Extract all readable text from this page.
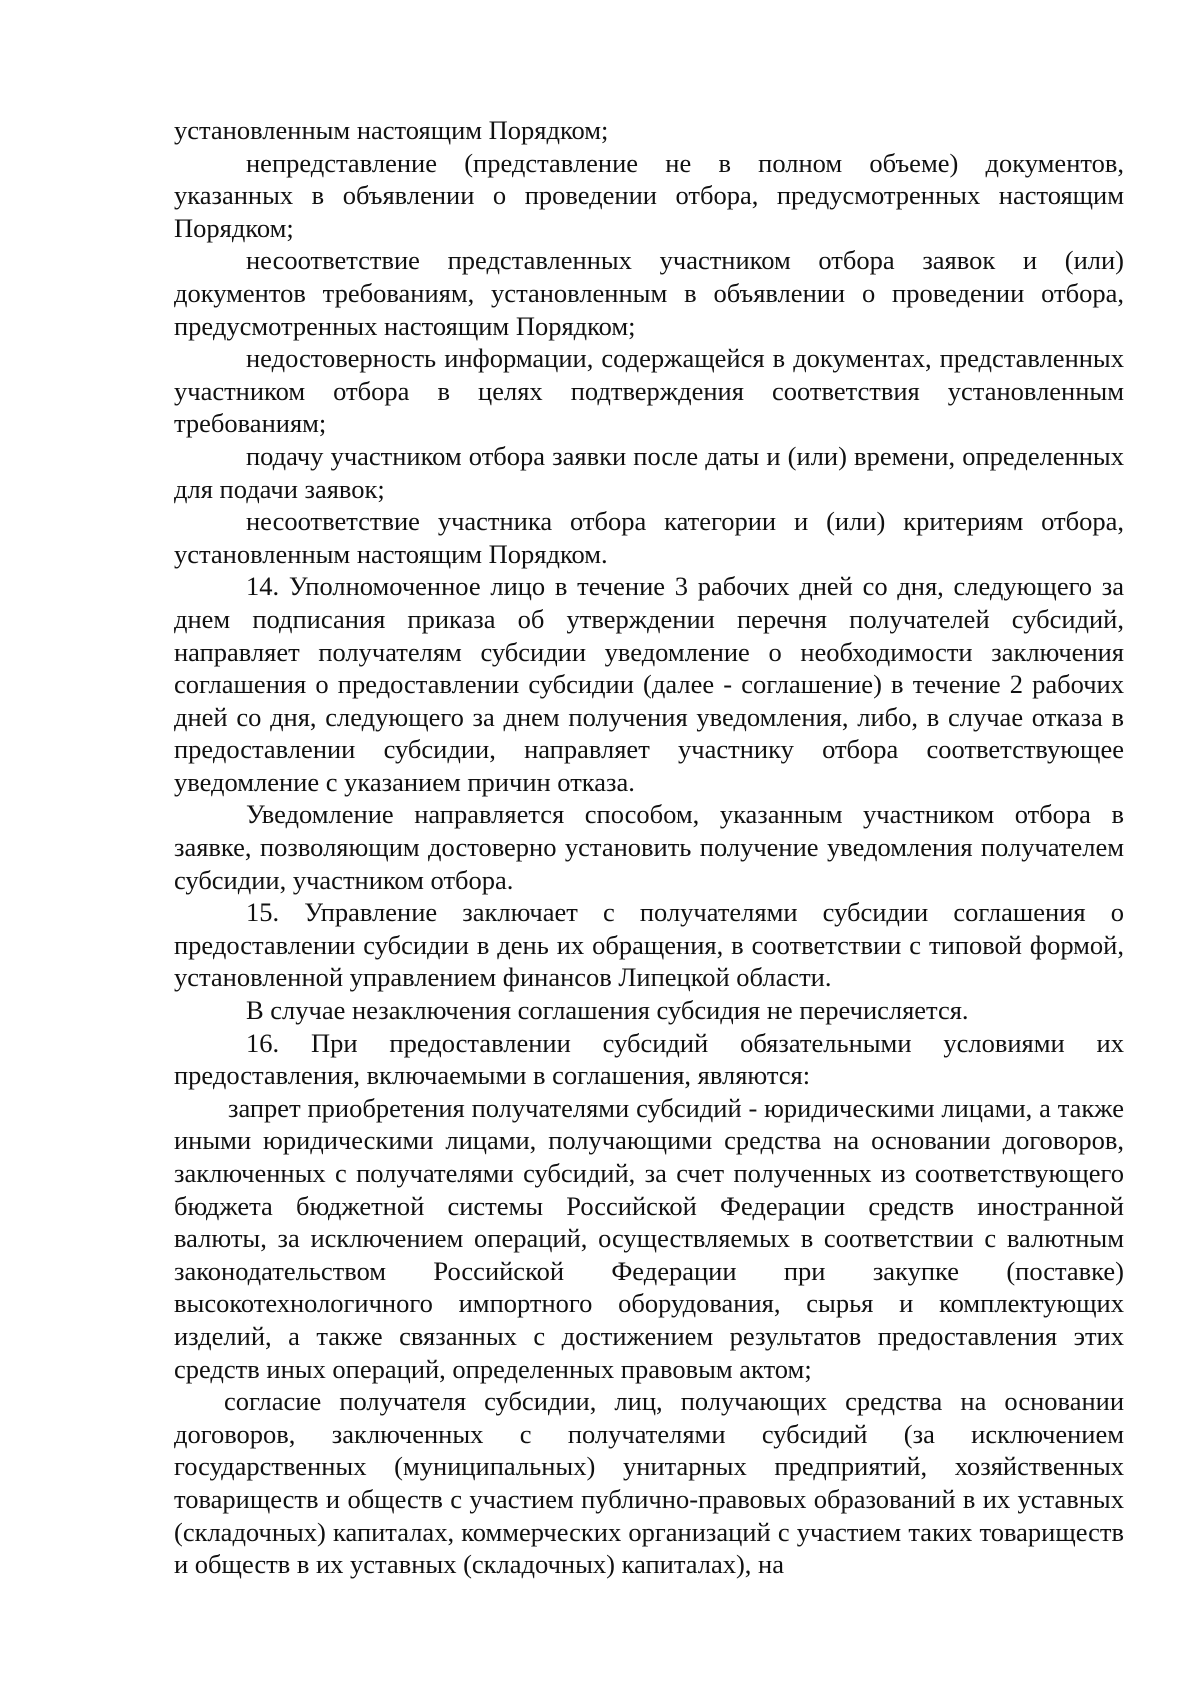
установленным настоящим Порядком;

непредставление (представление не в полном объеме) документов, указанных в объявлении о проведении отбора, предусмотренных настоящим Порядком;

несоответствие представленных участником отбора заявок и (или) документов требованиям, установленным в объявлении о проведении отбора, предусмотренных настоящим Порядком;

недостоверность информации, содержащейся в документах, представленных участником отбора в целях подтверждения соответствия установленным требованиям;

подачу участником отбора заявки после даты и (или) времени, определенных для подачи заявок;

несоответствие участника отбора категории и (или) критериям отбора, установленным настоящим Порядком.

14. Уполномоченное лицо в течение 3 рабочих дней со дня, следующего за днем подписания приказа об утверждении перечня получателей субсидий, направляет получателям субсидии уведомление о необходимости заключения соглашения о предоставлении субсидии (далее - соглашение) в течение 2 рабочих дней со дня, следующего за днем получения уведомления, либо, в случае отказа в предоставлении субсидии, направляет участнику отбора соответствующее уведомление с указанием причин отказа.

Уведомление направляется способом, указанным участником отбора в заявке, позволяющим достоверно установить получение уведомления получателем субсидии, участником отбора.

15. Управление заключает с получателями субсидии соглашения о предоставлении субсидии в день их обращения, в соответствии с типовой формой, установленной управлением финансов Липецкой области.

В случае незаключения соглашения субсидия не перечисляется.

16. При предоставлении субсидий обязательными условиями их предоставления, включаемыми в соглашения, являются:

запрет приобретения получателями субсидий - юридическими лицами, а также иными юридическими лицами, получающими средства на основании договоров, заключенных с получателями субсидий, за счет полученных из соответствующего бюджета бюджетной системы Российской Федерации средств иностранной валюты, за исключением операций, осуществляемых в соответствии с валютным законодательством Российской Федерации при закупке (поставке) высокотехнологичного импортного оборудования, сырья и комплектующих изделий, а также связанных с достижением результатов предоставления этих средств иных операций, определенных правовым актом;

согласие получателя субсидии, лиц, получающих средства на основании договоров, заключенных с получателями субсидий (за исключением государственных (муниципальных) унитарных предприятий, хозяйственных товариществ и обществ с участием публично-правовых образований в их уставных (складочных) капиталах, коммерческих организаций с участием таких товариществ и обществ в их уставных (складочных) капиталах), на
